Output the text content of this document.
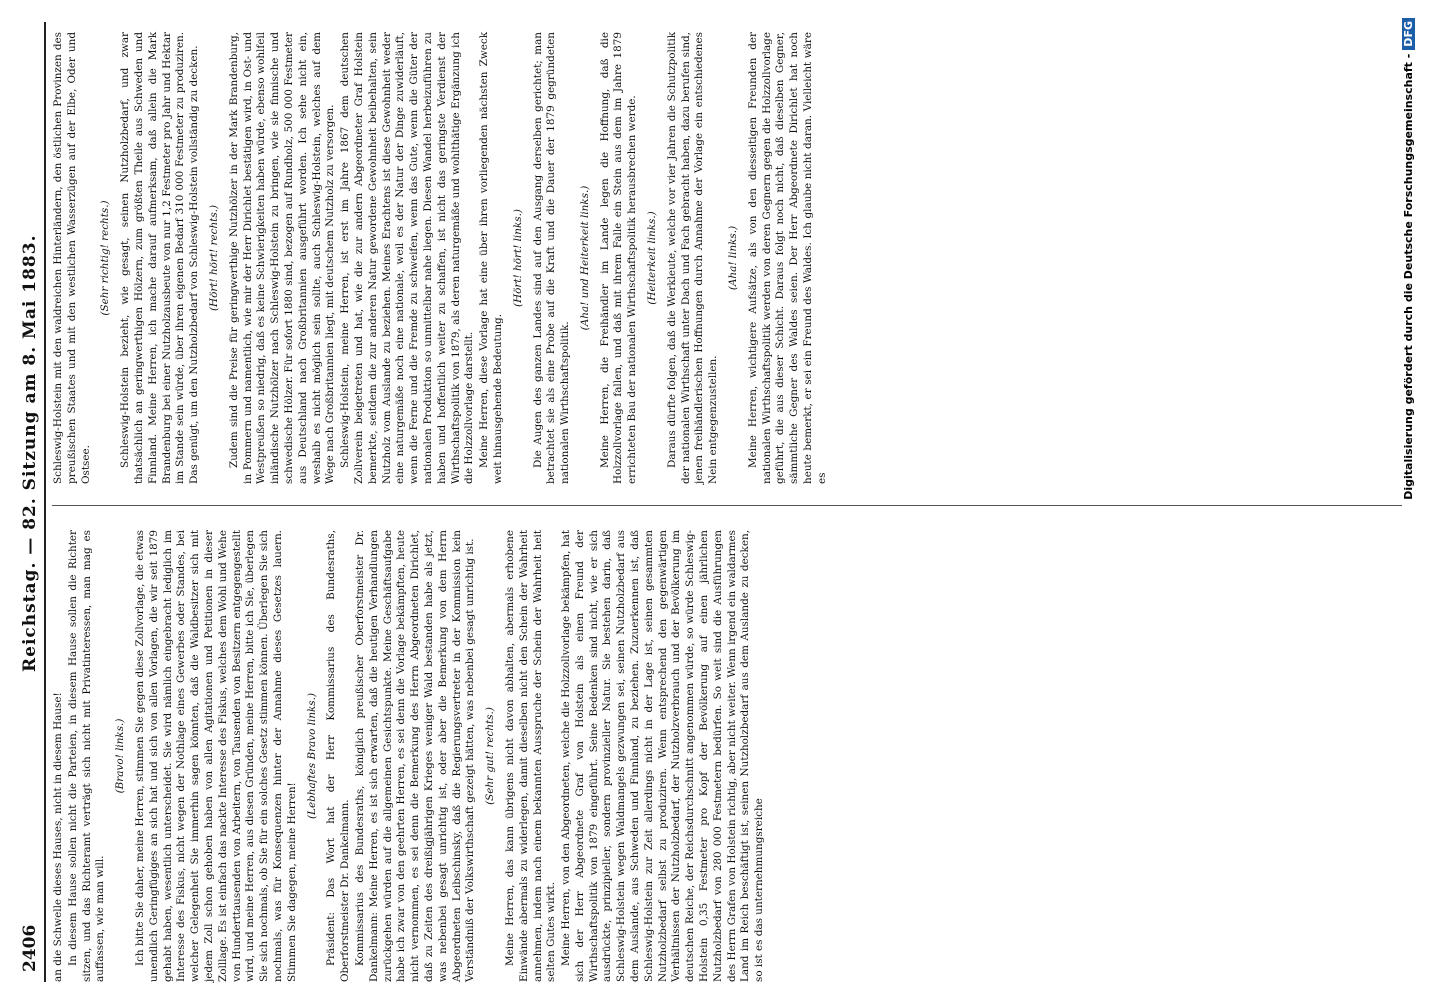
2406
Reichstag. — 82. Sitzung am 8. Mai 1883.

an die Schwelle dieses Hauses, nicht in diesem Hause! In diesem Hause sollen nicht die Parteien, in diesem Hause sollen die Richter sitzen, und das Richteramt verträgt sich nicht mit Privatinteressen, man mag es auffassen, wie man will.

(Bravo! links.) Ich bitte Sie daher, meine Herren, stimmen Sie gegen diese Zollvorlage, die etwas unendlich Geringfügiges an sich hat und sich von allen Vorlagen, die wir seit 1879 gehabt haben, wesentlich unterscheidet. Sie wird nämlich eingebracht lediglich im Interesse des Fiskus, nicht wegen der Nothlage eines Gewerbes oder Standes, bei welcher Gelegenheit Sie immerhin sagen könnten, daß die Waldbesitzer sich mit jedem Zoll schon gehoben haben von allen Agitationen und Petitionen in dieser Zolllage. Es ist einfach das nackte Interesse des Fiskus, welches dem Wohl und Wehe von Hunderttausenden von Arbeitern, von Tausenden von Besitzern entgegengestellt wird, und meine Herren, aus diesen Gründen, meine Herren, bitte ich Sie, überlegen Sie sich nochmals, ob Sie für ein solches Gesetz stimmen können. Überlegen Sie sich nochmals, was für Konsequenzen hinter der Annahme dieses Gesetzes lauern. Stimmen Sie dagegen, meine Herren!

(Lebhaftes Bravo links.) Präsident: Das Wort hat der Herr Kommissarius des Bundesraths, Oberforstmeister Dr. Dankelmann. Kommissarius des Bundesraths, königlich preußischer Oberforstmeister Dr. Dankelmann: Meine Herren, es ist sich erwarten, daß die heutigen Verhandlungen zurückgehen würden auf die allgemeinen Gesichtspunkte. Meine Geschäftsaufgabe habe ich zwar von den geehrten Herren, es sei denn die Vorlage bekämpften, heute nicht vernommen, es sei denn die Bemerkung des Herrn Abgeordneten Dirichlet, daß zu Zeiten des dreißigjährigen Krieges weniger Wald bestanden habe als jetzt, was nebenbei gesagt unrichtig ist, oder aber die Bemerkung von dem Herrn Abgeordneten Leibschinsky, daß die Regierungsvertreter in der Kommission kein Verständniß der Volkswirthschaft gezeigt hätten, was nebenbei gesagt unrichtig ist. (Sehr gut! rechts.) Meine Herren, das kann übrigens nicht davon abhalten, abermals erhobene Einwände abermals zu widerlegen, damit dieselben nicht den Schein der Wahrheit annehmen, indem nach einem bekannten Ausspruche der Schein der Wahrheit heit selten Gutes wirkt. Meine Herren, von den Abgeordneten, welche die Holzzollvorlage bekämpfen, hat sich der Herr Abgeordnete Graf von Holstein als einen Freund der Wirthschaftspolitik von 1879 eingeführt. Seine Bedenken sind nicht, wie er sich ausdrückte, prinzipieller, sondern provinzieller Natur. Sie bestehen darin, daß Schleswig-Holstein wegen Waldmangels gezwungen sei, seinen Nutzholzbedarf aus dem Auslande, aus Schweden und Finnland, zu beziehen. Zuzuerkennen ist, daß Schleswig-Holstein zur Zeit allerdings nicht in der Lage ist, seinen gesammten Nutzholzbedarf selbst zu produziren. Wenn entsprechend den gegenwärtigen Verhältnissen der Nutzholzbedarf, der Nutzholzverbrauch und der Bevölkerung im deutschen Reiche, der Reichsdurchschnitt angenommen würde, so würde Schleswig-Holstein 0,35 Festmeter pro Kopf der Bevölkerung auf einen jährlichen Nutzholzbedarf von 280 000 Festmetern bedürfen. So weit sind die Ausführungen des Herrn Grafen von Holstein richtig, aber nicht weiter. Wenn irgend ein waldarmes Land im Reich beschäftigt ist, seinen Nutzholzbedarf aus dem Auslande zu decken, so ist es das unternehmungsreiche

Schleswig-Holstein mit den waldreichen Hinterländern, den östlichen Provinzen des preußischen Staates und mit den westlichen Wasserzügen auf der Elbe, Oder und Ostsee.

(Sehr richtig! rechts.) Schleswig-Holstein bezieht, wie gesagt, seinen Nutzholzbedarf, und zwar thatsächlich an geringwerthigen Hölzern, zum größten Theile aus Schweden und Finnland. Meine Herren, ich mache darauf aufmerksam, daß allein die Mark Brandenburg bei einer Nutzholzausbeute von nur 1,2 Festmeter pro Jahr und Hektar im Stande sein würde, über ihren eigenen Bedarf 310 000 Festmeter zu produziren. Das genügt, um den Nutzholzbedarf von Schleswig-Holstein vollständig zu decken. (Hört! hört! rechts.) Zudem sind die Preise für geringwerthige Nutzhölzer in der Mark Brandenburg, in Pommern und namentlich, wie mir der Herr Dirichlet bestätigen wird, in Ost- und Westpreußen so niedrig, daß es keine Schwierigkeiten haben würde, ebenso wohlfeil inländische Nutzhölzer nach Schleswig-Holstein zu bringen, wie sie finnische und schwedische Hölzer. Für sofort 1880 sind, bezogen auf Rundholz, 500 000 Festmeter aus Deutschland nach Großbritannien ausgeführt worden. Ich sehe nicht ein, weshalb es nicht möglich sein sollte, auch Schleswig-Holstein, welches auf dem Wege nach Großbritannien liegt, mit deutschem Nutzholz zu versorgen. Schleswig-Holstein, meine Herren, ist erst im Jahre 1867 dem deutschen Zollverein beigetreten und hat, wie die zur andern Abgeordneter Graf Holstein bemerkte, seitdem die zur anderen Natur gewordene Gewohnheit beibehalten, sein Nutzholz vom Auslande zu beziehen. Meines Erachtens ist diese Gewohnheit weder eine naturgemäße noch eine nationale, weil es der Natur der Dinge zuwiderläuft, wenn die Ferne und die Fremde zu schweifen, wenn das Gute, wenn die Güter der nationalen Produktion so unmittelbar nahe liegen. Diesen Wandel herbeizuführen zu haben und hoffentlich weiter zu schaffen, ist nicht das geringste Verdienst der Wirthschaftspolitik von 1879, als deren naturgemäße und wohlthätige Ergänzung ich die Holzzollvorlage darstellt. Meine Herren, diese Vorlage hat eine über ihren vorliegenden nächsten Zweck weit hinausgehende Bedeutung.

(Hört! hört! links.) Die Augen des ganzen Landes sind auf den Ausgang derselben gerichtet; man betrachtet sie als eine Probe auf die Kraft und die Dauer der 1879 gegründeten nationalen Wirthschaftspolitik.

(Aha! und Heiterkeit links.) Meine Herren, die Freihändler im Lande legen die Hoffnung, daß die Holzzollvorlage fallen, und daß mit ihrem Falle ein Stein aus dem im Jahre 1879 errichteten Bau der nationalen Wirthschaftspolitik herausbrechen werde. (Heiterkeit links.) Daraus dürfte folgen, daß die Werkleute, welche vor vier Jahren die Schutzpolitik der nationalen Wirthschaft unter Dach und Fach gebracht haben, dazu berufen sind, jenen freihändlerischen Hoffnungen durch Annahme der Vorlage ein entschiedenes Nein entgegenzustellen.

(Aha! links.) Meine Herren, wichtigere Aufsätze, als von den diesseitigen Freunden der nationalen Wirthschaftspolitik werden von deren Gegnern gegen die Holzzollvorlage geführt, die aus dieser Schicht. Daraus folgt noch nicht, daß dieselben Gegner, sämmtliche Gegner des Waldes seien. Der Herr Abgeordnete Dirichlet hat noch heute bemerkt, er sei ein Freund des Waldes. Ich glaube nicht daran. Vielleicht wäre es	Digitalisierung gefördert durch die Deutsche Forschungsgemeinschaft -DFG
